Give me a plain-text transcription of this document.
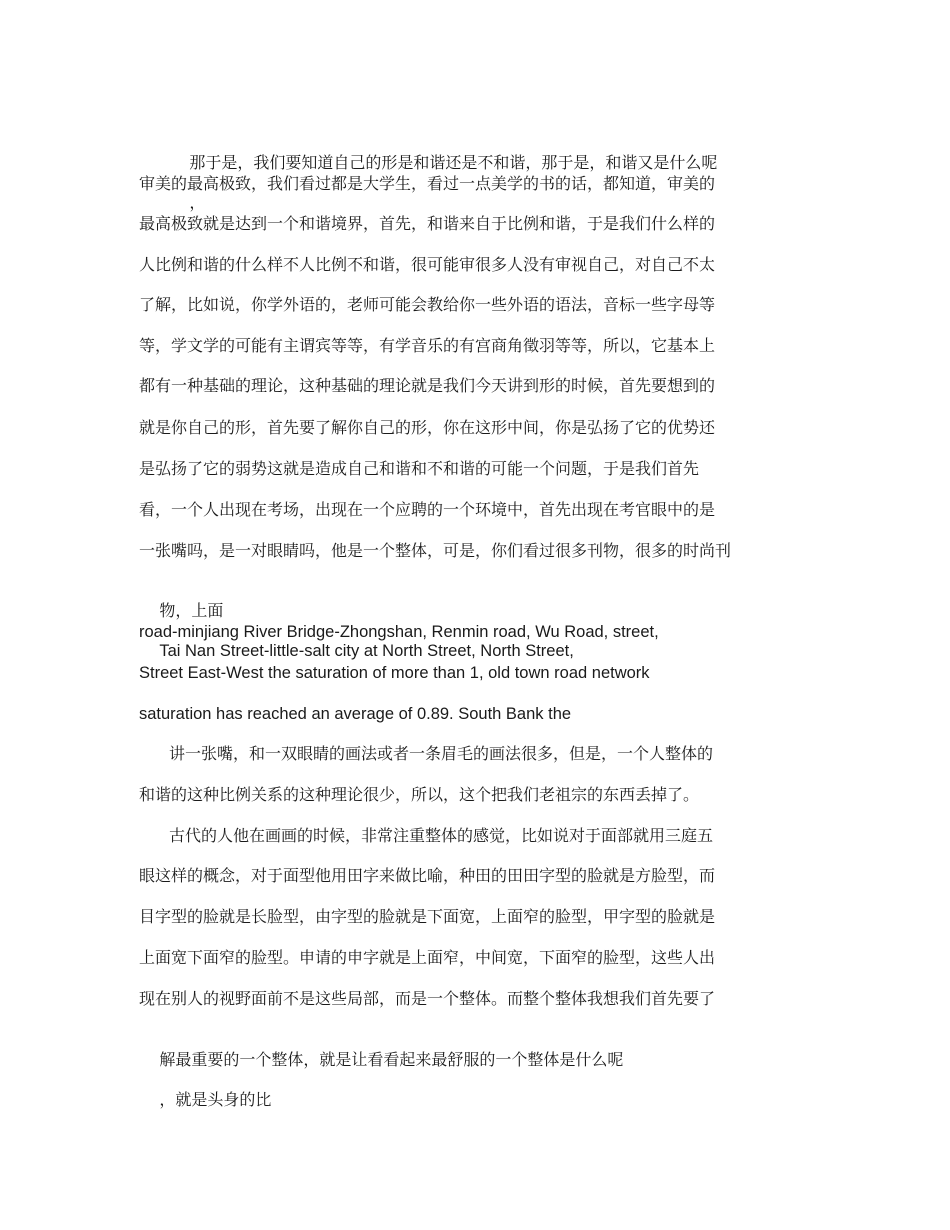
那于是，我们要知道自己的形是和谐还是不和谐，那于是，和谐又是什么呢

，

审美的最高极致，我们看过都是大学生，看过一点美学的书的话，都知道，审美的
最高极致就是达到一个和谐境界，首先，和谐来自于比例和谐，于是我们什么样的
人比例和谐的什么样不人比例不和谐，很可能审很多人没有审视自己，对自己不太
了解，比如说，你学外语的，老师可能会教给你一些外语的语法，音标一些字母等
等，学文学的可能有主谓宾等等，有学音乐的有宫商角徵羽等等，所以，它基本上
都有一种基础的理论，这种基础的理论就是我们今天讲到形的时候，首先要想到的
就是你自己的形，首先要了解你自己的形，你在这形中间，你是弘扬了它的优势还
是弘扬了它的弱势这就是造成自己和谐和不和谐的可能一个问题，于是我们首先
看，一个人出现在考场，出现在一个应聘的一个环境中，首先出现在考官眼中的是
一张嘴吗，是一对眼睛吗，他是一个整体，可是，你们看过很多刊物，很多的时尚刊

物，上面

Tai Nan Street-little-salt city at North Street, North Street,

road-minjiang River Bridge-Zhongshan, Renmin road, Wu Road, street,
Street East-West the saturation of more than 1, old town road network
saturation has reached an average of 0.89. South Bank the
讲一张嘴，和一双眼睛的画法或者一条眉毛的画法很多，但是，一个人整体的
和谐的这种比例关系的这种理论很少，所以，这个把我们老祖宗的东西丢掉了。
古代的人他在画画的时候，非常注重整体的感觉，比如说对于面部就用三庭五
眼这样的概念，对于面型他用田字来做比喻，种田的田田字型的脸就是方脸型，而
目字型的脸就是长脸型，由字型的脸就是下面宽，上面窄的脸型，甲字型的脸就是
上面宽下面窄的脸型。申请的申字就是上面窄，中间宽，下面窄的脸型，这些人出
现在别人的视野面前不是这些局部，而是一个整体。而整个整体我想我们首先要了

解最重要的一个整体，就是让看看起来最舒服的一个整体是什么呢

，就是头身的比
